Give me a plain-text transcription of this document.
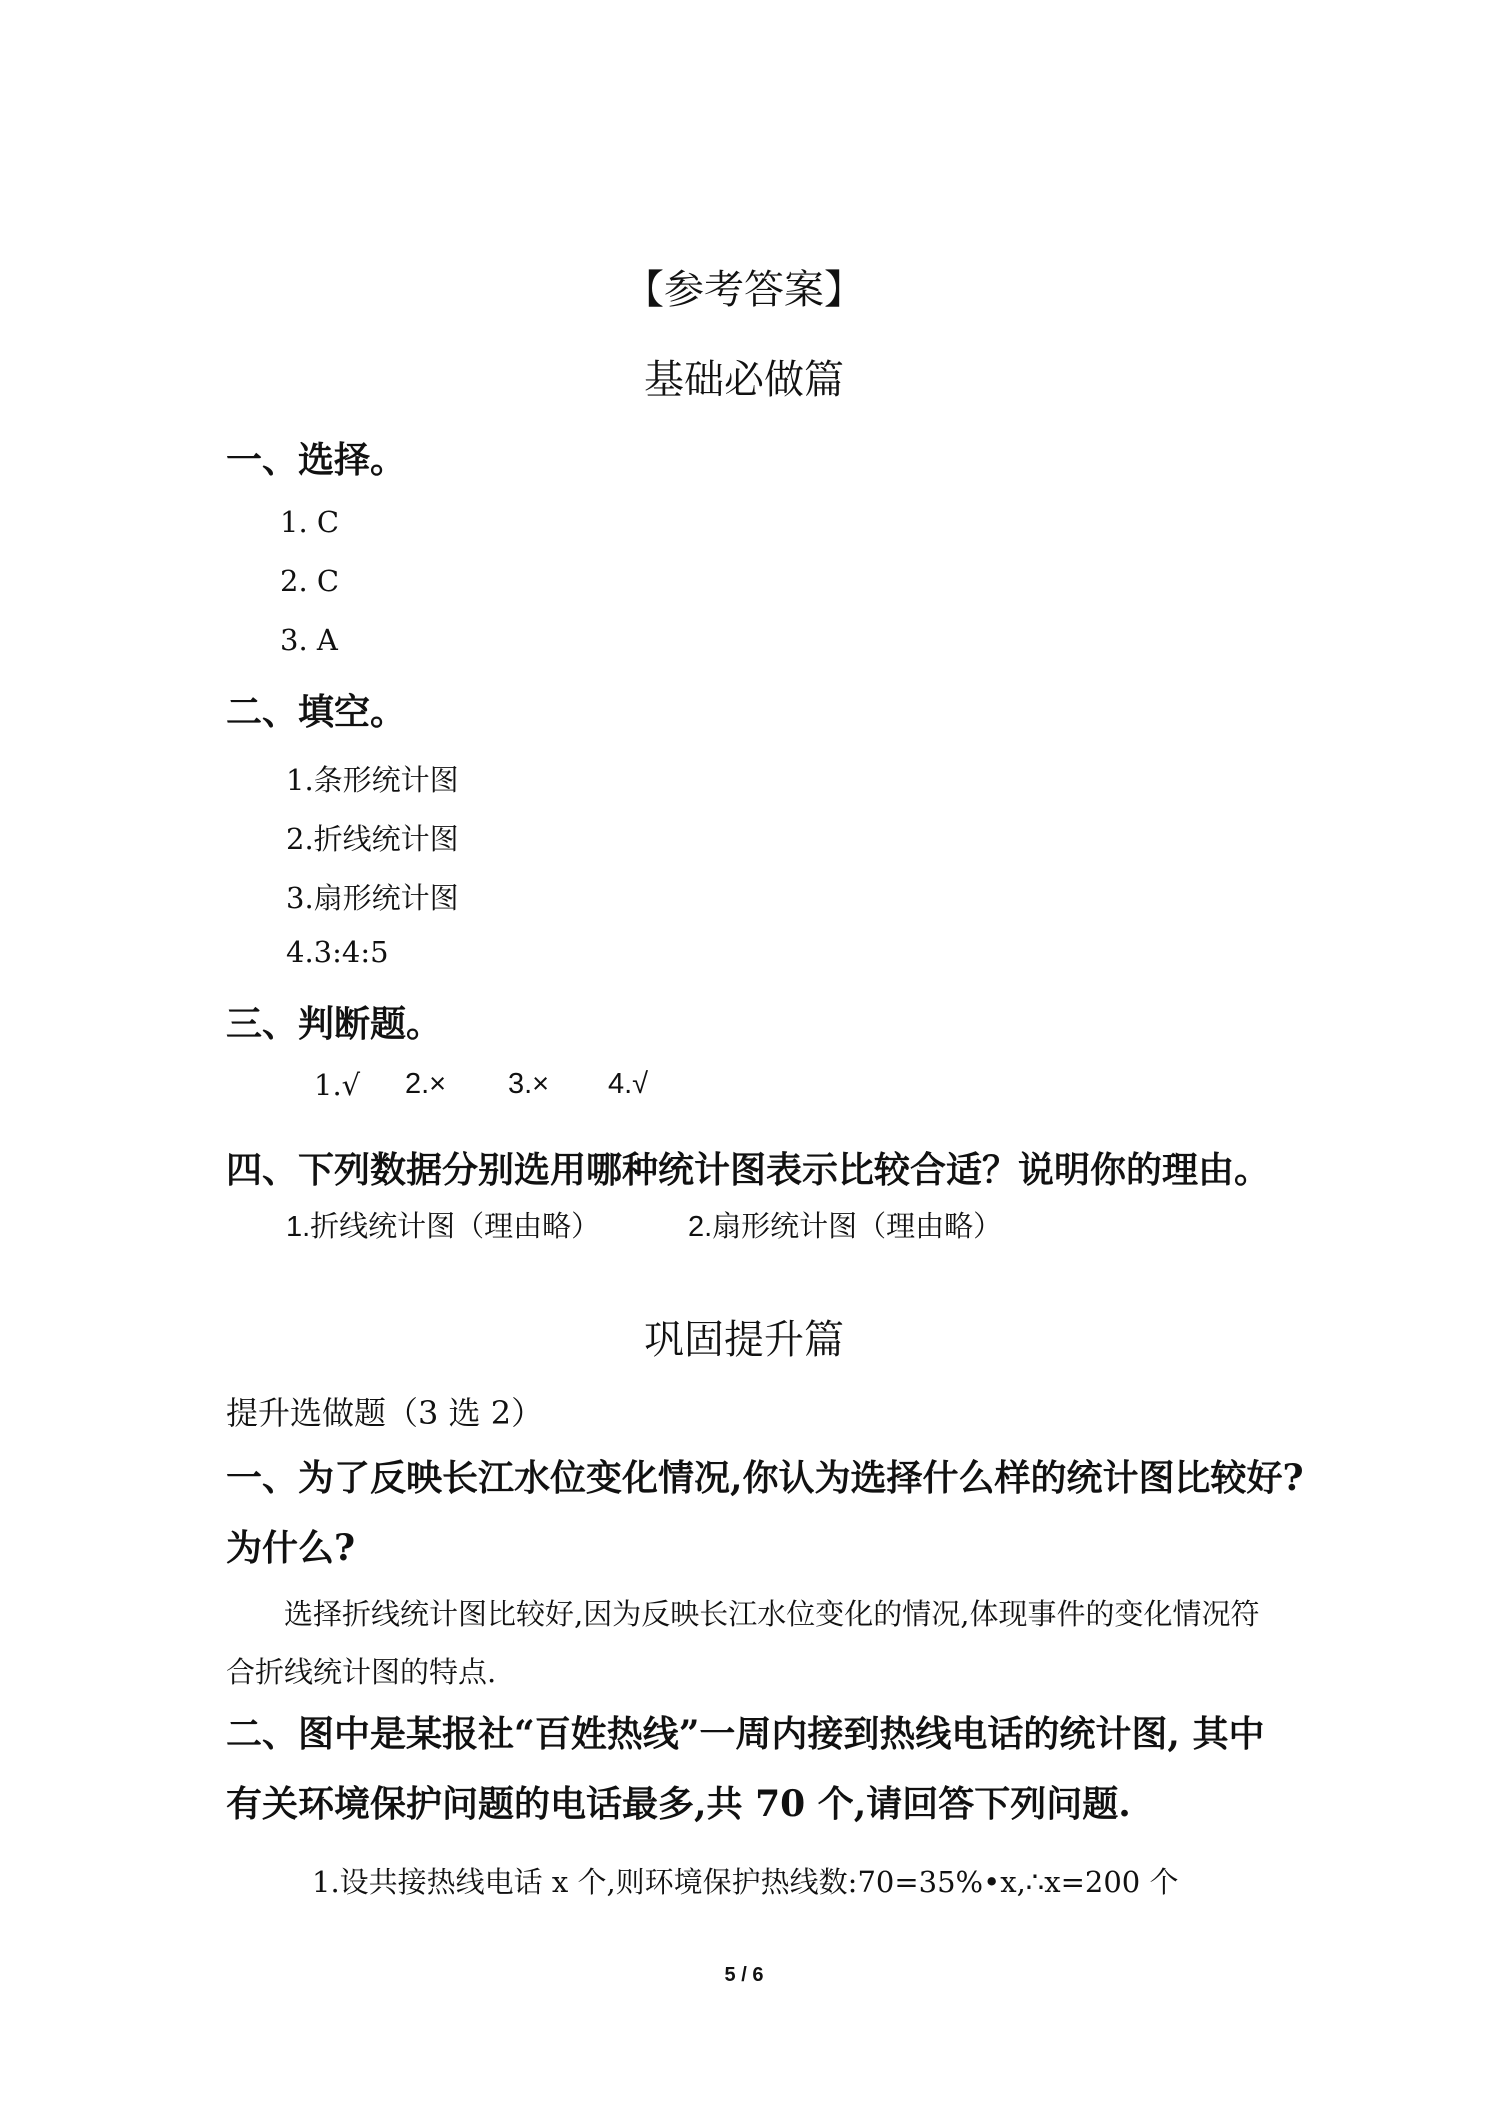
【参考答案】
基础必做篇
一、选择。
1. C
2. C
3. A
二、填空。
1.条形统计图
2.折线统计图
3.扇形统计图
4.3:4:5
三、判断题。
1.√ 2.× 3.× 4.√
四、下列数据分别选用哪种统计图表示比较合适？说明你的理由。
1.折线统计图（理由略）	2.扇形统计图（理由略）
巩固提升篇
提升选做题（3 选 2）
一、为了反映长江水位变化情况,你认为选择什么样的统计图比较好?
为什么?
选择折线统计图比较好,因为反映长江水位变化的情况,体现事件的变化情况符合折线统计图的特点.
二、图中是某报社“百姓热线”一周内接到热线电话的统计图, 其中
有关环境保护问题的电话最多,共 70 个,请回答下列问题.
1.设共接热线电话 x 个,则环境保护热线数:70=35%•x,∴x=200 个
5 / 6
